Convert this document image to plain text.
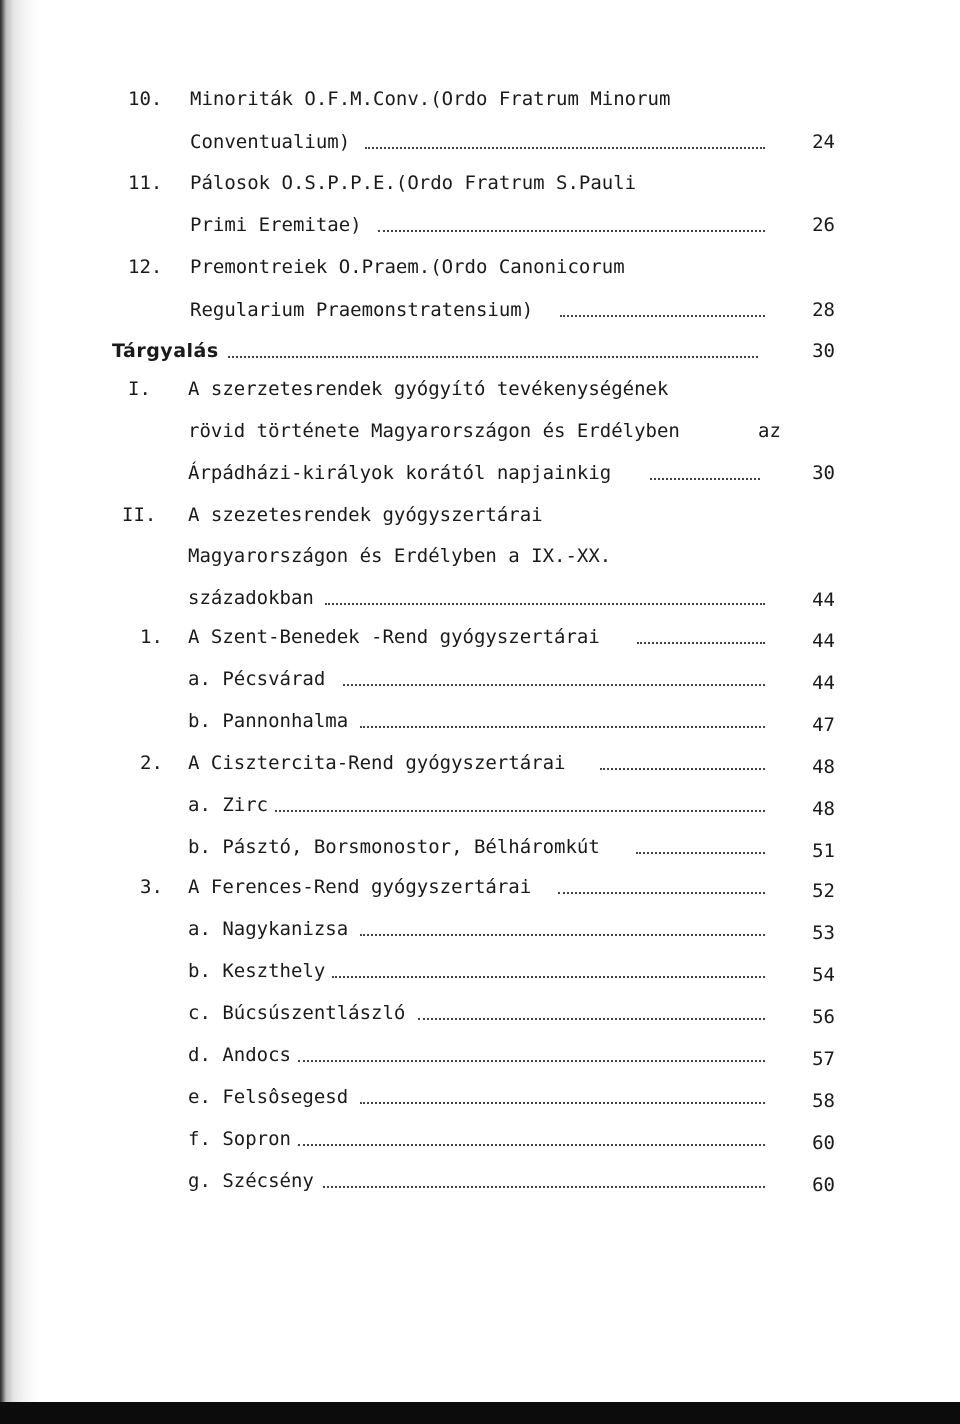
10. Minoriták O.F.M.Conv.(Ordo Fratrum Minorum
Conventualium)	24
11. Pálosok O.S.P.P.E.(Ordo Fratrum S.Pauli
Primi Eremitae)	26
12. Premontreiek O.Praem.(Ordo Canonicorum
Regularium Praemonstratensium)	28
Tárgyalás	30
I. A szerzetesrendek gyógyító tevékenységének
rövid története Magyarországon és Erdélyben	az
Árpádházi-királyok korától napjainkig	30
II. A szezetesrendek gyógyszertárai
Magyarországon és Erdélyben a IX.-XX.
századokban	44
1. A Szent-Benedek -Rend gyógyszertárai	44
a. Pécsvárad	44
b. Pannonhalma	47
2. A Cisztercita-Rend gyógyszertárai	48
a. Zirc	48
b. Pásztó, Borsmonostor, Bélháromkút	51
3. A Ferences-Rend gyógyszertárai	52
a. Nagykanizsa	53
b. Keszthely	54
c. Búcsúszentlászló	56
d. Andocs	57
e. Felsôsegesd	58
f. Sopron	60
g. Szécsény	60
